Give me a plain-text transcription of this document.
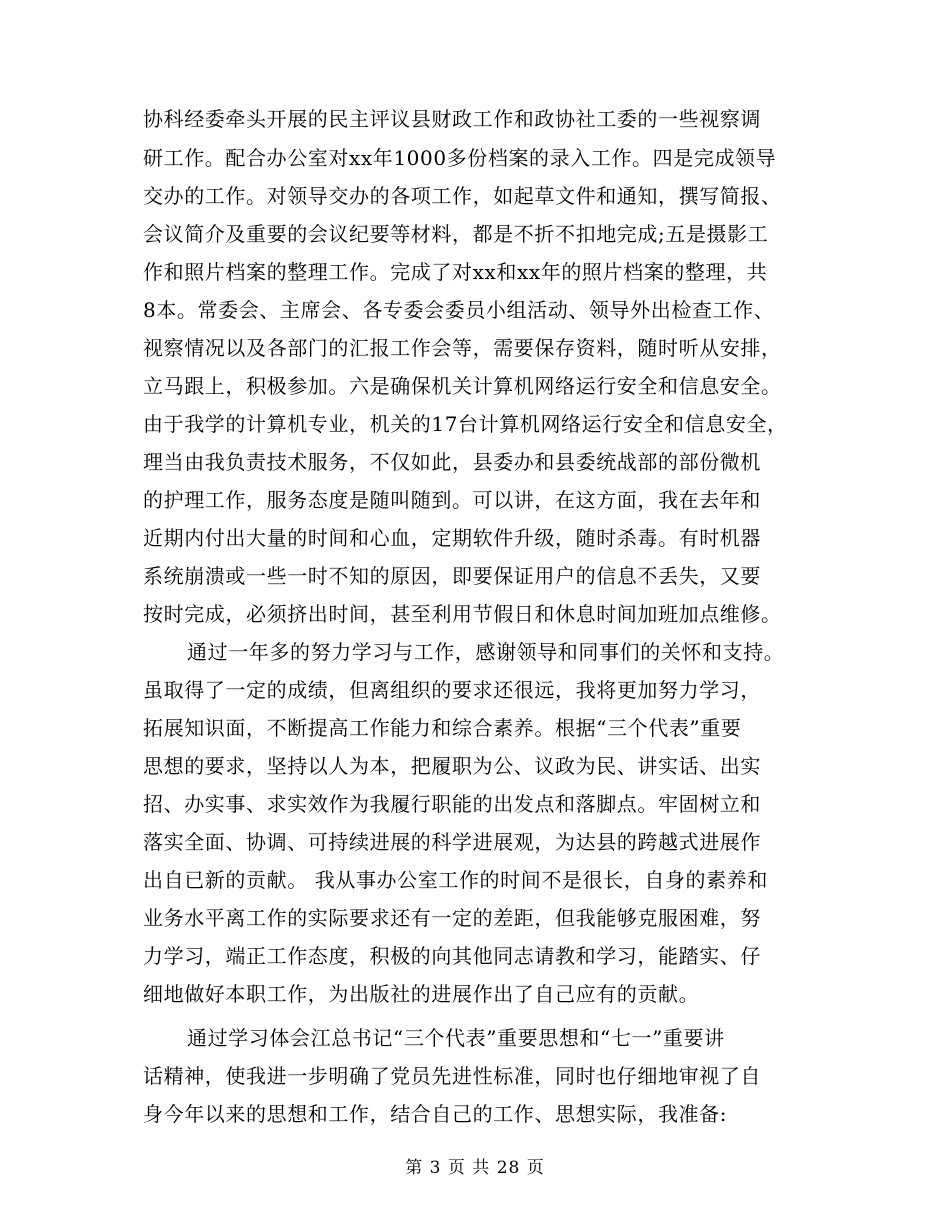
协科经委牵头开展的民主评议县财政工作和政协社工委的一些视察调
研工作。配合办公室对xx年1000多份档案的录入工作。四是完成领导
交办的工作。对领导交办的各项工作，如起草文件和通知，撰写简报、
会议简介及重要的会议纪要等材料，都是不折不扣地完成;五是摄影工
作和照片档案的整理工作。完成了对xx和xx年的照片档案的整理，共
8本。常委会、主席会、各专委会委员小组活动、领导外出检查工作、
视察情况以及各部门的汇报工作会等，需要保存资料，随时听从安排，
立马跟上，积极参加。六是确保机关计算机网络运行安全和信息安全。
由于我学的计算机专业，机关的17台计算机网络运行安全和信息安全，
理当由我负责技术服务，不仅如此，县委办和县委统战部的部份微机
的护理工作，服务态度是随叫随到。可以讲，在这方面，我在去年和
近期内付出大量的时间和心血，定期软件升级，随时杀毒。有时机器
系统崩溃或一些一时不知的原因，即要保证用户的信息不丢失，又要
按时完成，必须挤出时间，甚至利用节假日和休息时间加班加点维修。
通过一年多的努力学习与工作，感谢领导和同事们的关怀和支持。
虽取得了一定的成绩，但离组织的要求还很远，我将更加努力学习，
拓展知识面，不断提高工作能力和综合素养。根据“三个代表”重要
思想的要求，坚持以人为本，把履职为公、议政为民、讲实话、出实
招、办实事、求实效作为我履行职能的出发点和落脚点。牢固树立和
落实全面、协调、可持续进展的科学进展观，为达县的跨越式进展作
出自已新的贡献。 我从事办公室工作的时间不是很长，自身的素养和
业务水平离工作的实际要求还有一定的差距，但我能够克服困难，努
力学习，端正工作态度，积极的向其他同志请教和学习，能踏实、仔
细地做好本职工作，为出版社的进展作出了自己应有的贡献。
通过学习体会江总书记“三个代表”重要思想和“七一”重要讲
话精神，使我进一步明确了党员先进性标准，同时也仔细地审视了自
身今年以来的思想和工作，结合自己的工作、思想实际，我准备:
第 3 页 共 28 页
